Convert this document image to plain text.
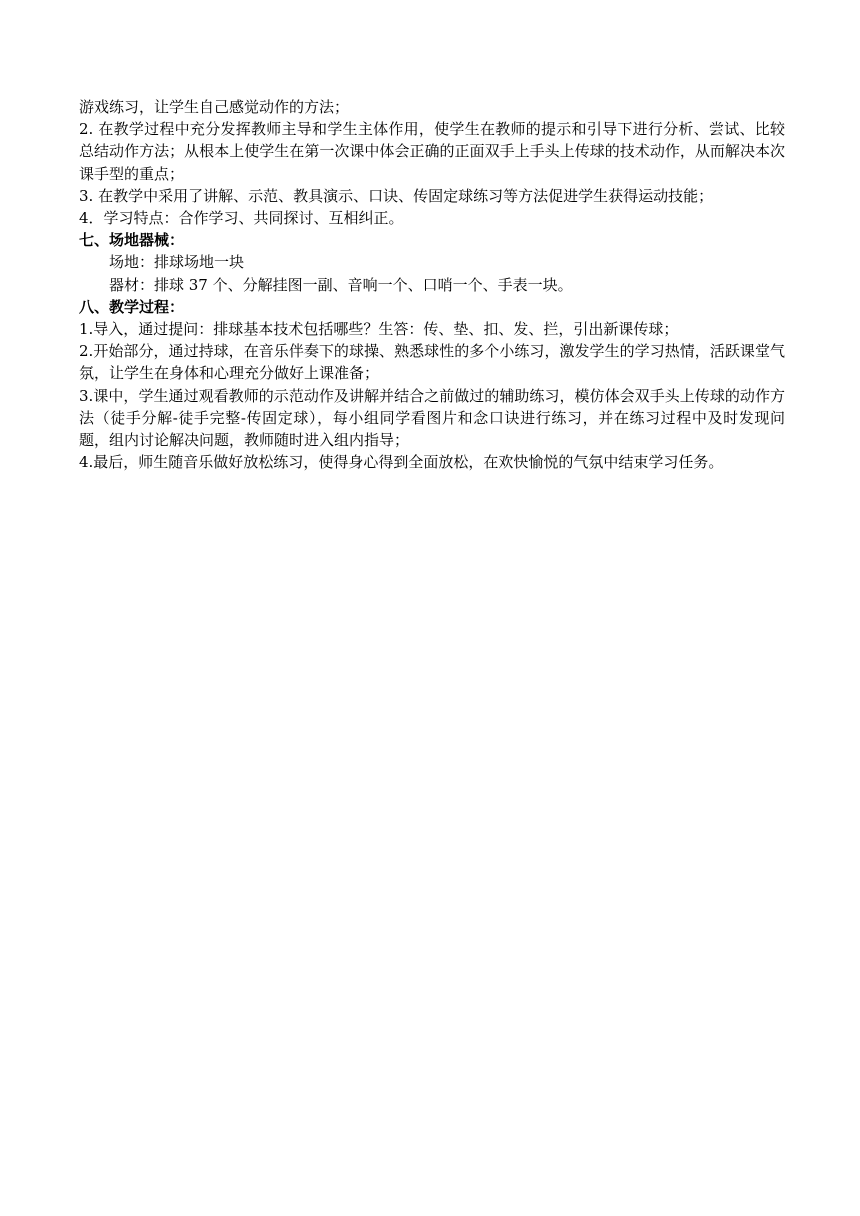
游戏练习，让学生自己感觉动作的方法；

2. 在教学过程中充分发挥教师主导和学生主体作用，使学生在教师的提示和引导下进行分析、尝试、比较总结动作方法；从根本上使学生在第一次课中体会正确的正面双手上手头上传球的技术动作，从而解决本次课手型的重点；

3. 在教学中采用了讲解、示范、教具演示、口诀、传固定球练习等方法促进学生获得运动技能；

4．学习特点：合作学习、共同探讨、互相纠正。

七、场地器械：

场地：排球场地一块

器材：排球 37 个、分解挂图一副、音响一个、口哨一个、手表一块。

八、教学过程：

1.导入，通过提问：排球基本技术包括哪些？生答：传、垫、扣、发、拦，引出新课传球；

2.开始部分，通过持球，在音乐伴奏下的球操、熟悉球性的多个小练习，激发学生的学习热情，活跃课堂气氛，让学生在身体和心理充分做好上课准备；

3.课中，学生通过观看教师的示范动作及讲解并结合之前做过的辅助练习，模仿体会双手头上传球的动作方法（徒手分解-徒手完整-传固定球），每小组同学看图片和念口诀进行练习，并在练习过程中及时发现问题，组内讨论解决问题，教师随时进入组内指导；

4.最后，师生随音乐做好放松练习，使得身心得到全面放松，在欢快愉悦的气氛中结束学习任务。
